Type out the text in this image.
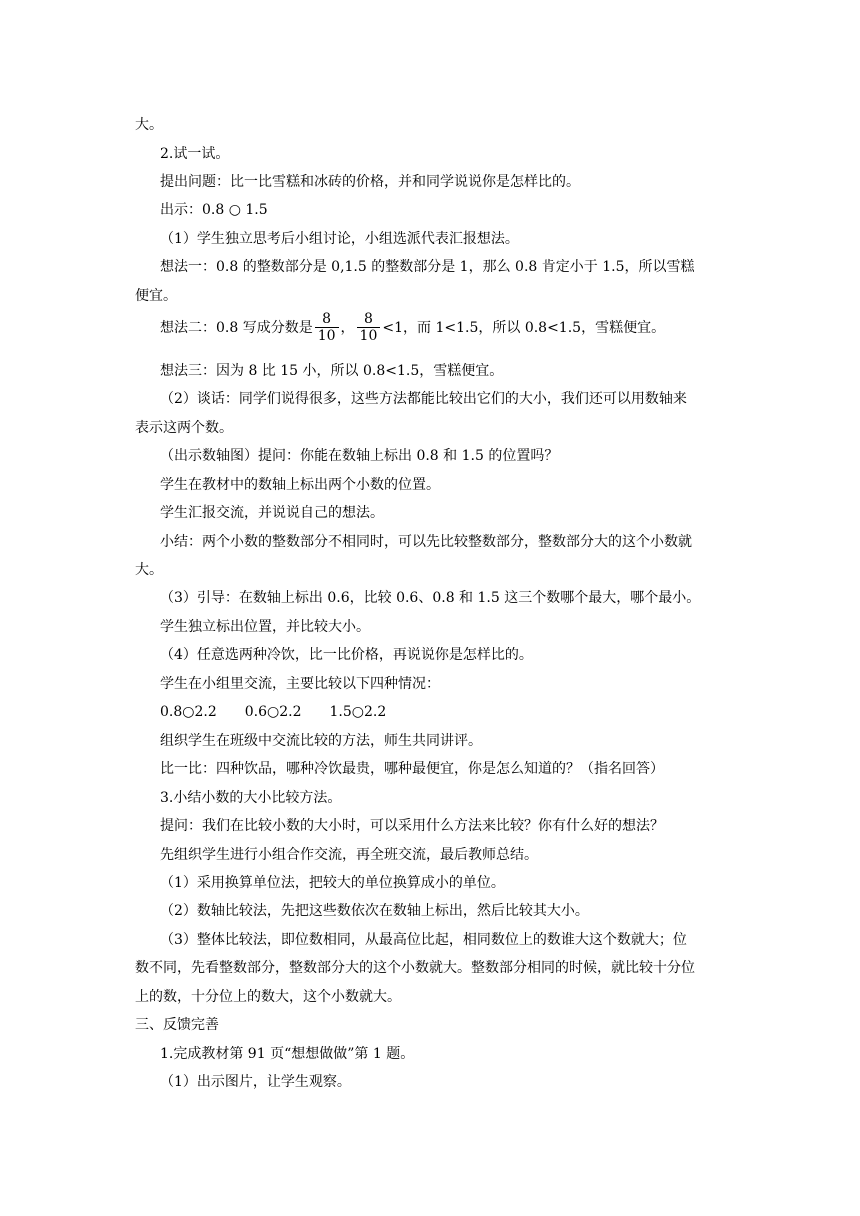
大。
2.试一试。
提出问题：比一比雪糕和冰砖的价格，并和同学说说你是怎样比的。
出示：0.8 ○ 1.5
（1）学生独立思考后小组讨论，小组选派代表汇报想法。
想法一：0.8 的整数部分是 0,1.5 的整数部分是 1，那么 0.8 肯定小于 1.5，所以雪糕
便宜。
想法二：0.8 写成分数是 $\frac{8}{10}$ ， $\frac{8}{10} <1$，而 1<1.5，所以 0.8<1.5，雪糕便宜。
想法三：因为 8 比 15 小，所以 0.8<1.5，雪糕便宜。
（2）谈话：同学们说得很多，这些方法都能比较出它们的大小，我们还可以用数轴来
表示这两个数。
（出示数轴图）提问：你能在数轴上标出 0.8 和 1.5 的位置吗？
学生在教材中的数轴上标出两个小数的位置。
学生汇报交流，并说说自己的想法。
小结：两个小数的整数部分不相同时，可以先比较整数部分，整数部分大的这个小数就
大。
（3）引导：在数轴上标出 0.6，比较 0.6、0.8 和 1.5 这三个数哪个最大，哪个最小。
学生独立标出位置，并比较大小。
（4）任意选两种冷饮，比一比价格，再说说你是怎样比的。
学生在小组里交流，主要比较以下四种情况：
0.8○2.2 0.6○2.2 1.5○2.2
组织学生在班级中交流比较的方法，师生共同讲评。
比一比：四种饮品，哪种冷饮最贵，哪种最便宜，你是怎么知道的？（指名回答）
3.小结小数的大小比较方法。
提问：我们在比较小数的大小时，可以采用什么方法来比较？你有什么好的想法？
先组织学生进行小组合作交流，再全班交流，最后教师总结。
（1）采用换算单位法，把较大的单位换算成小的单位。
（2）数轴比较法，先把这些数依次在数轴上标出，然后比较其大小。
（3）整体比较法，即位数相同，从最高位比起，相同数位上的数谁大这个数就大；位
数不同，先看整数部分，整数部分大的这个小数就大。整数部分相同的时候，就比较十分位
上的数，十分位上的数大，这个小数就大。
三、反馈完善
1.完成教材第 91 页“想想做做”第 1 题。
（1）出示图片，让学生观察。
